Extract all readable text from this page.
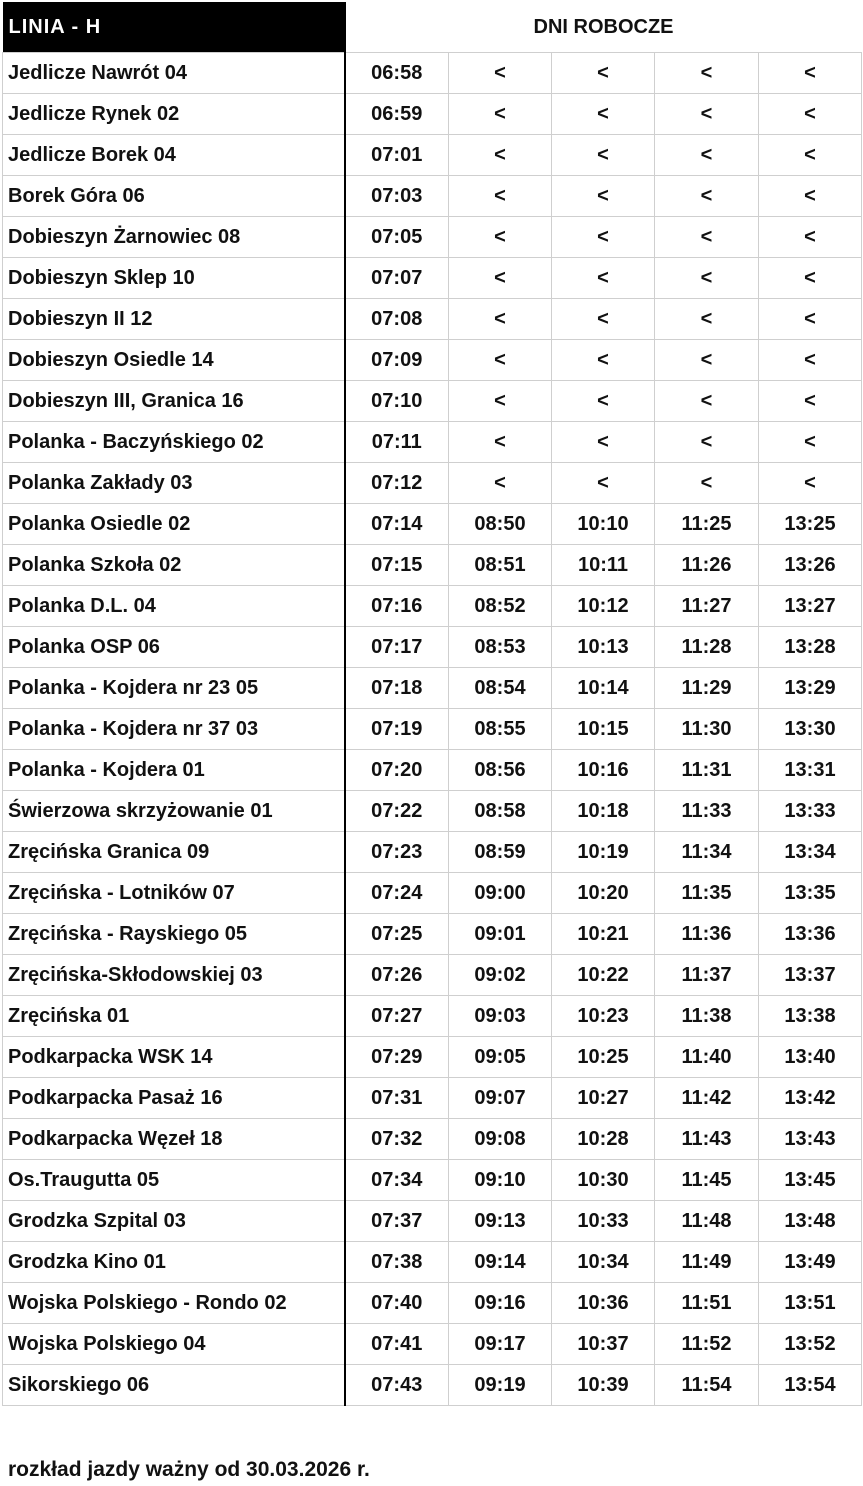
LINIA - H	DNI ROBOCZE				
Jedlicze Nawrót 04	06:58	<	<	<	<
Jedlicze Rynek 02	06:59	<	<	<	<
Jedlicze Borek 04	07:01	<	<	<	<
Borek Góra 06	07:03	<	<	<	<
Dobieszyn Żarnowiec 08	07:05	<	<	<	<
Dobieszyn Sklep 10	07:07	<	<	<	<
Dobieszyn II 12	07:08	<	<	<	<
Dobieszyn Osiedle 14	07:09	<	<	<	<
Dobieszyn III, Granica 16	07:10	<	<	<	<
Polanka - Baczyńskiego 02	07:11	<	<	<	<
Polanka Zakłady 03	07:12	<	<	<	<
Polanka Osiedle 02	07:14	08:50	10:10	11:25	13:25
Polanka Szkoła 02	07:15	08:51	10:11	11:26	13:26
Polanka D.L. 04	07:16	08:52	10:12	11:27	13:27
Polanka OSP 06	07:17	08:53	10:13	11:28	13:28
Polanka - Kojdera nr 23 05	07:18	08:54	10:14	11:29	13:29
Polanka - Kojdera nr 37 03	07:19	08:55	10:15	11:30	13:30
Polanka - Kojdera 01	07:20	08:56	10:16	11:31	13:31
Świerzowa skrzyżowanie 01	07:22	08:58	10:18	11:33	13:33
Zręcińska Granica 09	07:23	08:59	10:19	11:34	13:34
Zręcińska - Lotników 07	07:24	09:00	10:20	11:35	13:35
Zręcińska - Rayskiego 05	07:25	09:01	10:21	11:36	13:36
Zręcińska-Skłodowskiej 03	07:26	09:02	10:22	11:37	13:37
Zręcińska 01	07:27	09:03	10:23	11:38	13:38
Podkarpacka WSK 14	07:29	09:05	10:25	11:40	13:40
Podkarpacka Pasaż 16	07:31	09:07	10:27	11:42	13:42
Podkarpacka Węzeł 18	07:32	09:08	10:28	11:43	13:43
Os.Traugutta 05	07:34	09:10	10:30	11:45	13:45
Grodzka Szpital 03	07:37	09:13	10:33	11:48	13:48
Grodzka Kino 01	07:38	09:14	10:34	11:49	13:49
Wojska Polskiego - Rondo 02	07:40	09:16	10:36	11:51	13:51
Wojska Polskiego 04	07:41	09:17	10:37	11:52	13:52
Sikorskiego 06	07:43	09:19	10:39	11:54	13:54
rozkład jazdy ważny od 30.03.2026 r.
